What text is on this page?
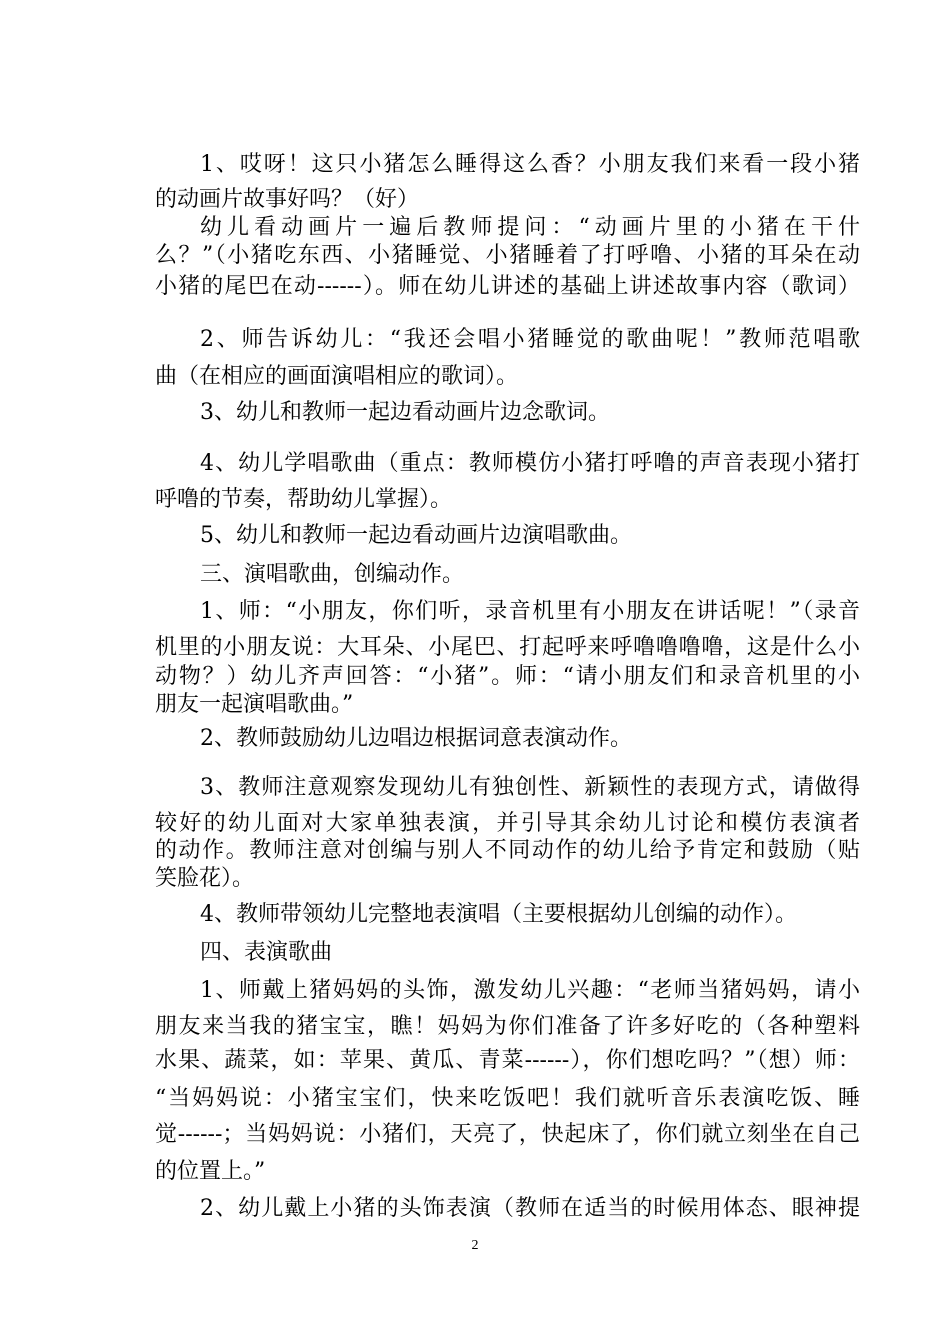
1、哎呀！这只小猪怎么睡得这么香？小朋友我们来看一段小猪
的动画片故事好吗？（好）
幼儿看动画片一遍后教师提问：“动画片里的小猪在干什
么？”（小猪吃东西、小猪睡觉、小猪睡着了打呼噜、小猪的耳朵在动
小猪的尾巴在动------）。师在幼儿讲述的基础上讲述故事内容（歌词）
2、师告诉幼儿：“我还会唱小猪睡觉的歌曲呢！”教师范唱歌
曲（在相应的画面演唱相应的歌词）。
3、幼儿和教师一起边看动画片边念歌词。
4、幼儿学唱歌曲（重点：教师模仿小猪打呼噜的声音表现小猪打
呼噜的节奏，帮助幼儿掌握）。
5、幼儿和教师一起边看动画片边演唱歌曲。
三、演唱歌曲，创编动作。
1、师：“小朋友，你们听，录音机里有小朋友在讲话呢！”（录音
机里的小朋友说：大耳朵、小尾巴、打起呼来呼噜噜噜噜，这是什么小
动物？）幼儿齐声回答：“小猪”。师：“请小朋友们和录音机里的小
朋友一起演唱歌曲。”
2、教师鼓励幼儿边唱边根据词意表演动作。
3、教师注意观察发现幼儿有独创性、新颖性的表现方式，请做得
较好的幼儿面对大家单独表演，并引导其余幼儿讨论和模仿表演者
的动作。教师注意对创编与别人不同动作的幼儿给予肯定和鼓励（贴
笑脸花）。
4、教师带领幼儿完整地表演唱（主要根据幼儿创编的动作）。
四、表演歌曲
1、师戴上猪妈妈的头饰，激发幼儿兴趣：“老师当猪妈妈，请小
朋友来当我的猪宝宝，瞧！妈妈为你们准备了许多好吃的（各种塑料
水果、蔬菜，如：苹果、黄瓜、青菜------），你们想吃吗？”（想）师：
“当妈妈说：小猪宝宝们，快来吃饭吧！我们就听音乐表演吃饭、睡
觉------；当妈妈说：小猪们，天亮了，快起床了，你们就立刻坐在自己
的位置上。”
2、幼儿戴上小猪的头饰表演（教师在适当的时候用体态、眼神提
2
